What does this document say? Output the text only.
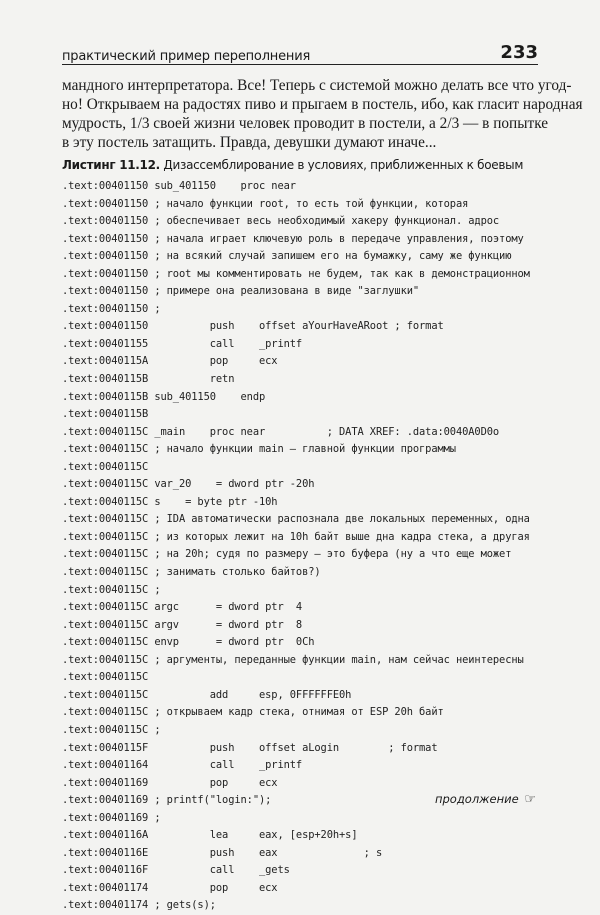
практический пример переполнения	233
мандного интерпретатора. Все! Теперь с системой можно делать все что угод-
но! Открываем на радостях пиво и прыгаем в постель, ибо, как гласит народная
мудрость, 1/3 своей жизни человек проводит в постели, а 2/3 — в попытке
в эту постель затащить. Правда, девушки думают иначе...
Листинг 11.12. Дизассемблирование в условиях, приближенных к боевым
.text:00401150 sub_401150    proc near
.text:00401150 ; начало функции root, то есть той функции, которая
.text:00401150 ; обеспечивает весь необходимый хакеру функционал. адрос
.text:00401150 ; начала играет ключевую роль в передаче управления, поэтому
.text:00401150 ; на всякий случай запишем его на бумажку, саму же функцию
.text:00401150 ; root мы комментировать не будем, так как в демонстрационном
.text:00401150 ; примере она реализована в виде "заглушки"
.text:00401150 ;
.text:00401150          push    offset aYourHaveARoot ; format
.text:00401155          call    _printf
.text:0040115A          pop     ecx
.text:0040115B          retn
.text:0040115B sub_401150    endp
.text:0040115B
.text:0040115C _main    proc near          ; DATA XREF: .data:0040A0D0o
.text:0040115C ; начало функции main – главной функции программы
.text:0040115C
.text:0040115C var_20    = dword ptr -20h
.text:0040115C s    = byte ptr -10h
.text:0040115C ; IDA автоматически распознала две локальных переменных, одна
.text:0040115C ; из которых лежит на 10h байт выше дна кадра стека, а другая
.text:0040115C ; на 20h; судя по размеру – это буфера (ну а что еще может
.text:0040115C ; занимать столько байтов?)
.text:0040115C ;
.text:0040115C argc      = dword ptr  4
.text:0040115C argv      = dword ptr  8
.text:0040115C envp      = dword ptr  0Ch
.text:0040115C ; аргументы, переданные функции main, нам сейчас неинтересны
.text:0040115C
.text:0040115C          add     esp, 0FFFFFFE0h
.text:0040115C ; открываем кадр стека, отнимая от ESP 20h байт
.text:0040115C ;
.text:0040115F          push    offset aLogin        ; format
.text:00401164          call    _printf
.text:00401169          pop     ecx
.text:00401169 ; printf("login:");
.text:00401169 ;
.text:0040116A          lea     eax, [esp+20h+s]
.text:0040116E          push    eax              ; s
.text:0040116F          call    _gets
.text:00401174          pop     ecx
.text:00401174 ; gets(s);
продолжение ☞
